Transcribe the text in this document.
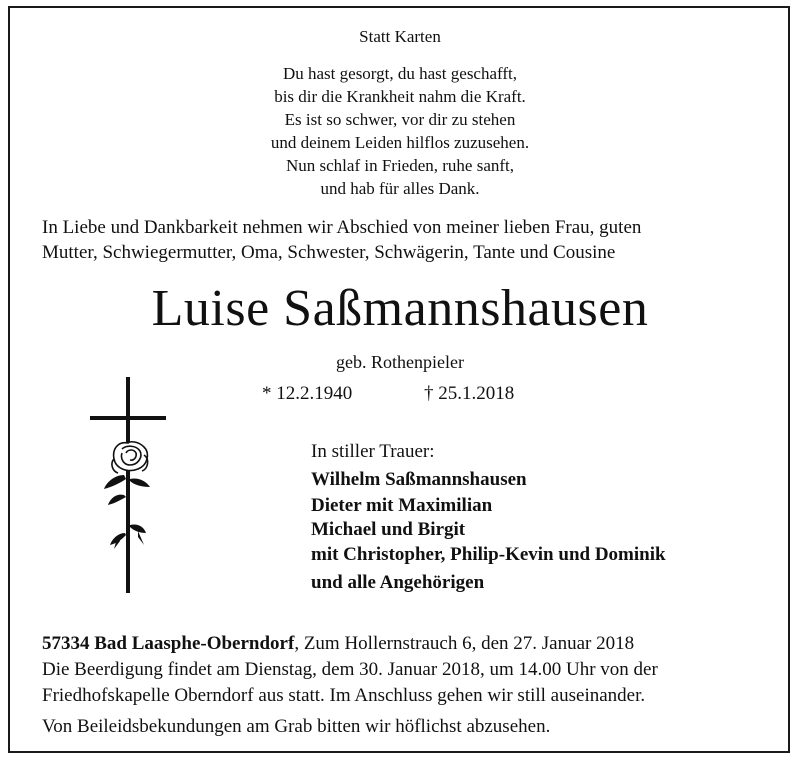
Statt Karten

Du hast gesorgt, du hast geschafft,

bis dir die Krankheit nahm die Kraft.

Es ist so schwer, vor dir zu stehen

und deinem Leiden hilflos zuzusehen.

Nun schlaf in Frieden, ruhe sanft,

und hab für alles Dank.

In Liebe und Dankbarkeit nehmen wir Abschied von meiner lieben Frau, guten
Mutter, Schwiegermutter, Oma, Schwester, Schwägerin, Tante und Cousine
Luise Saßmannshausen
geb. Rothenpieler
* 12.2.1940	† 25.1.2018
In stiller Trauer:
Wilhelm Saßmannshausen
Dieter mit Maximilian
Michael und Birgit
mit Christopher, Philip-Kevin und Dominik
und alle Angehörigen
57334 Bad Laasphe-Oberndorf, Zum Hollernstrauch 6, den 27. Januar 2018
Die Beerdigung findet am Dienstag, dem 30. Januar 2018, um 14.00 Uhr von der
Friedhofskapelle Oberndorf aus statt. Im Anschluss gehen wir still auseinander.
Von Beileidsbekundungen am Grab bitten wir höflichst abzusehen.
